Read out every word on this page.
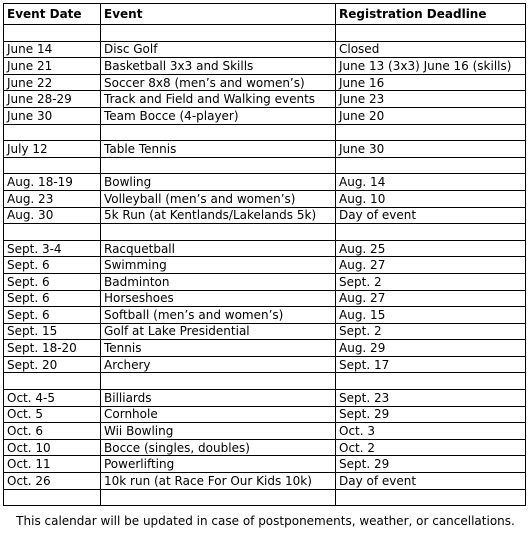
Event Date	Event	Registration Deadline

June 14	Disc Golf	Closed
June 21	Basketball 3x3 and Skills	June 13 (3x3) June 16 (skills)
June 22	Soccer 8x8 (men’s and women’s)	June 16
June 28-29	Track and Field and Walking events	June 23
June 30	Team Bocce (4-player)	June 20

July 12	Table Tennis	June 30

Aug. 18-19	Bowling	Aug. 14
Aug. 23	Volleyball (men’s and women’s)	Aug. 10
Aug. 30	5k Run (at Kentlands/Lakelands 5k)	Day of event

Sept. 3-4	Racquetball	Aug. 25
Sept. 6	Swimming	Aug. 27
Sept. 6	Badminton	Sept. 2
Sept. 6	Horseshoes	Aug. 27
Sept. 6	Softball (men’s and women’s)	Aug. 15
Sept. 15	Golf at Lake Presidential	Sept. 2
Sept. 18-20	Tennis	Aug. 29
Sept. 20	Archery	Sept. 17

Oct. 4-5	Billiards	Sept. 23
Oct. 5	Cornhole	Sept. 29
Oct. 6	Wii Bowling	Oct. 3
Oct. 10	Bocce (singles, doubles)	Oct. 2
Oct. 11	Powerlifting	Sept. 29
Oct. 26	10k run (at Race For Our Kids 10k)	Day of event

This calendar will be updated in case of postponements, weather, or cancellations.
